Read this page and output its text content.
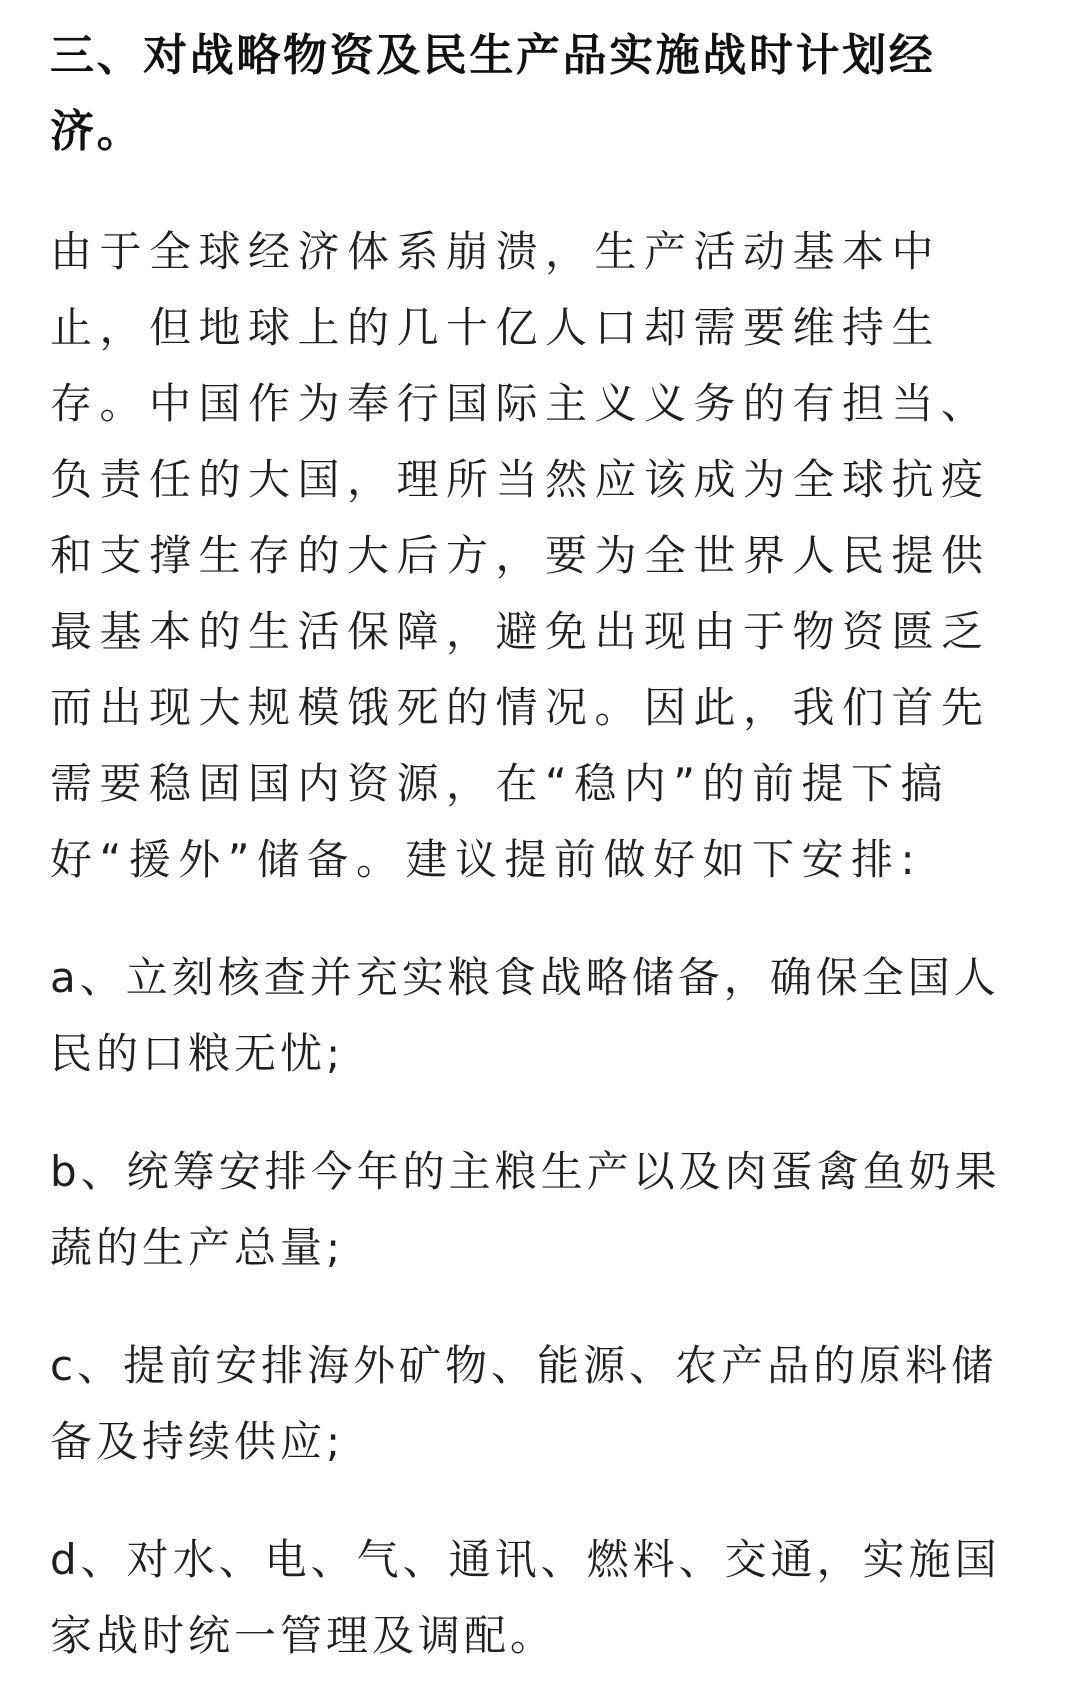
三、对战略物资及民生产品实施战时计划经济。

由于全球经济体系崩溃，生产活动基本中止，但地球上的几十亿人口却需要维持生存。中国作为奉行国际主义义务的有担当、负责任的大国，理所当然应该成为全球抗疫和支撑生存的大后方，要为全世界人民提供最基本的生活保障，避免出现由于物资匮乏而出现大规模饿死的情况。因此，我们首先需要稳固国内资源，在“稳内”的前提下搞好“援外”储备。建议提前做好如下安排:

a、立刻核查并充实粮食战略储备，确保全国人民的口粮无忧;
b、统筹安排今年的主粮生产以及肉蛋禽鱼奶果蔬的生产总量;
c、提前安排海外矿物、能源、农产品的原料储备及持续供应;
d、对水、电、气、通讯、燃料、交通，实施国家战时统一管理及调配。
